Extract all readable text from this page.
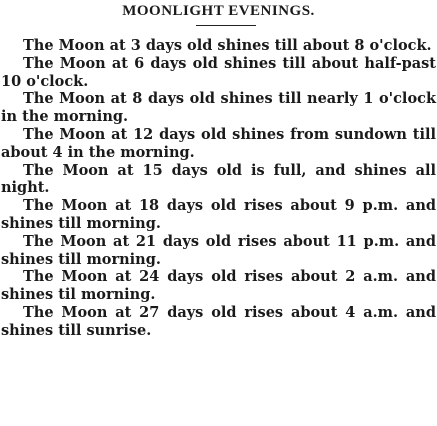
MOONLIGHT EVENINGS.

The Moon at 3 days old shines till about 8 o'clock.

The Moon at 6 days old shines till about half-past 10 o'clock.

The Moon at 8 days old shines till nearly 1 o'clock in the morning.

The Moon at 12 days old shines from sundown till about 4 in the morning.

The Moon at 15 days old is full, and shines all night.

The Moon at 18 days old rises about 9 p.m. and shines till morning.

The Moon at 21 days old rises about 11 p.m. and shines till morning.

The Moon at 24 days old rises about 2 a.m. and shines til morning.

The Moon at 27 days old rises about 4 a.m. and shines till sunrise.
